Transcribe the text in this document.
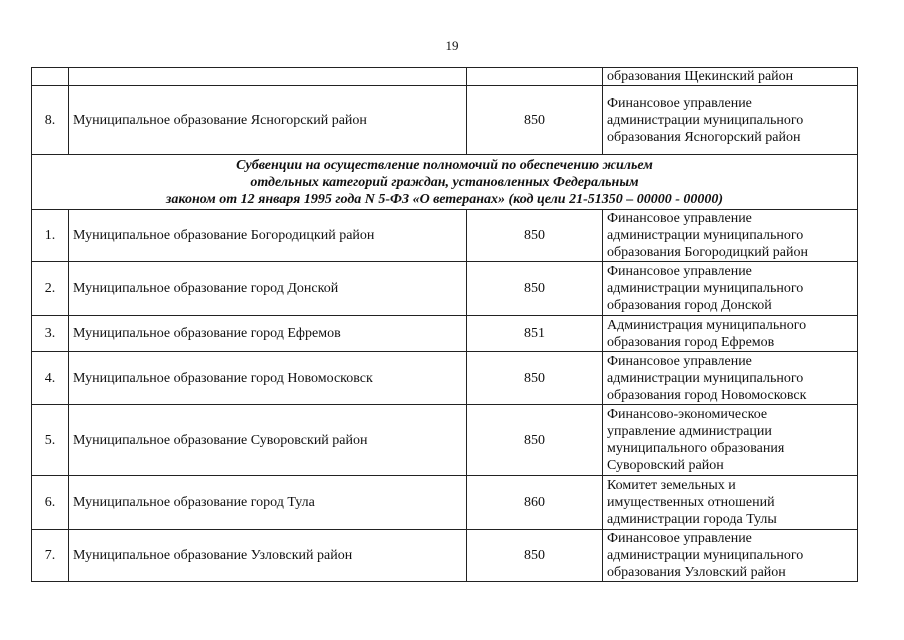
19

			образования Щекинский район

8.	Муниципальное образование Ясногорский район	850	Финансовое управление
администрации муниципального
образования Ясногорский район

Субвенции на осуществление полномочий по обеспечению жильем
отдельных категорий граждан, установленных Федеральным
законом от 12 января 1995 года N 5-ФЗ «О ветеранах» (код цели 21-51350 – 00000 - 00000)			

1.	Муниципальное образование Богородицкий район	850	Финансовое управление
администрации муниципального
образования Богородицкий район

2.	Муниципальное образование город Донской	850	Финансовое управление
администрации муниципального
образования город Донской

3.	Муниципальное образование город Ефремов	851	Администрация муниципального
образования город Ефремов

4.	Муниципальное образование город Новомосковск	850	Финансовое управление
администрации муниципального
образования город Новомосковск

5.	Муниципальное образование Суворовский район	850	Финансово-экономическое
управление администрации
муниципального образования
Суворовский район

6.	Муниципальное образование город Тула	860	Комитет земельных и
имущественных отношений
администрации города Тулы

7.	Муниципальное образование Узловский район	850	Финансовое управление
администрации муниципального
образования Узловский район
